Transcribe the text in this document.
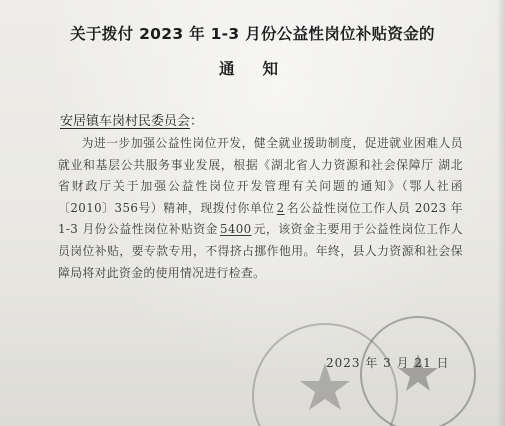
关于拨付 2023 年 1-3 月份公益性岗位补贴资金的
通知
安居镇车岗村民委员会：
为进一步加强公益性岗位开发，健全就业援助制度，促进就业困难人员就业和基层公共服务事业发展，根据《湖北省人力资源和社会保障厅 湖北省财政厅关于加强公益性岗位开发管理有关问题的通知》（鄂人社函〔2010〕356号）精神，现拨付你单位 2 名公益性岗位工作人员 2023 年 1-3 月份公益性岗位补贴资金 5400 元，该资金主要用于公益性岗位工作人员岗位补贴，要专款专用，不得挤占挪作他用。年终，县人力资源和社会保障局将对此资金的使用情况进行检查。
2023 年 3 月 21 日
